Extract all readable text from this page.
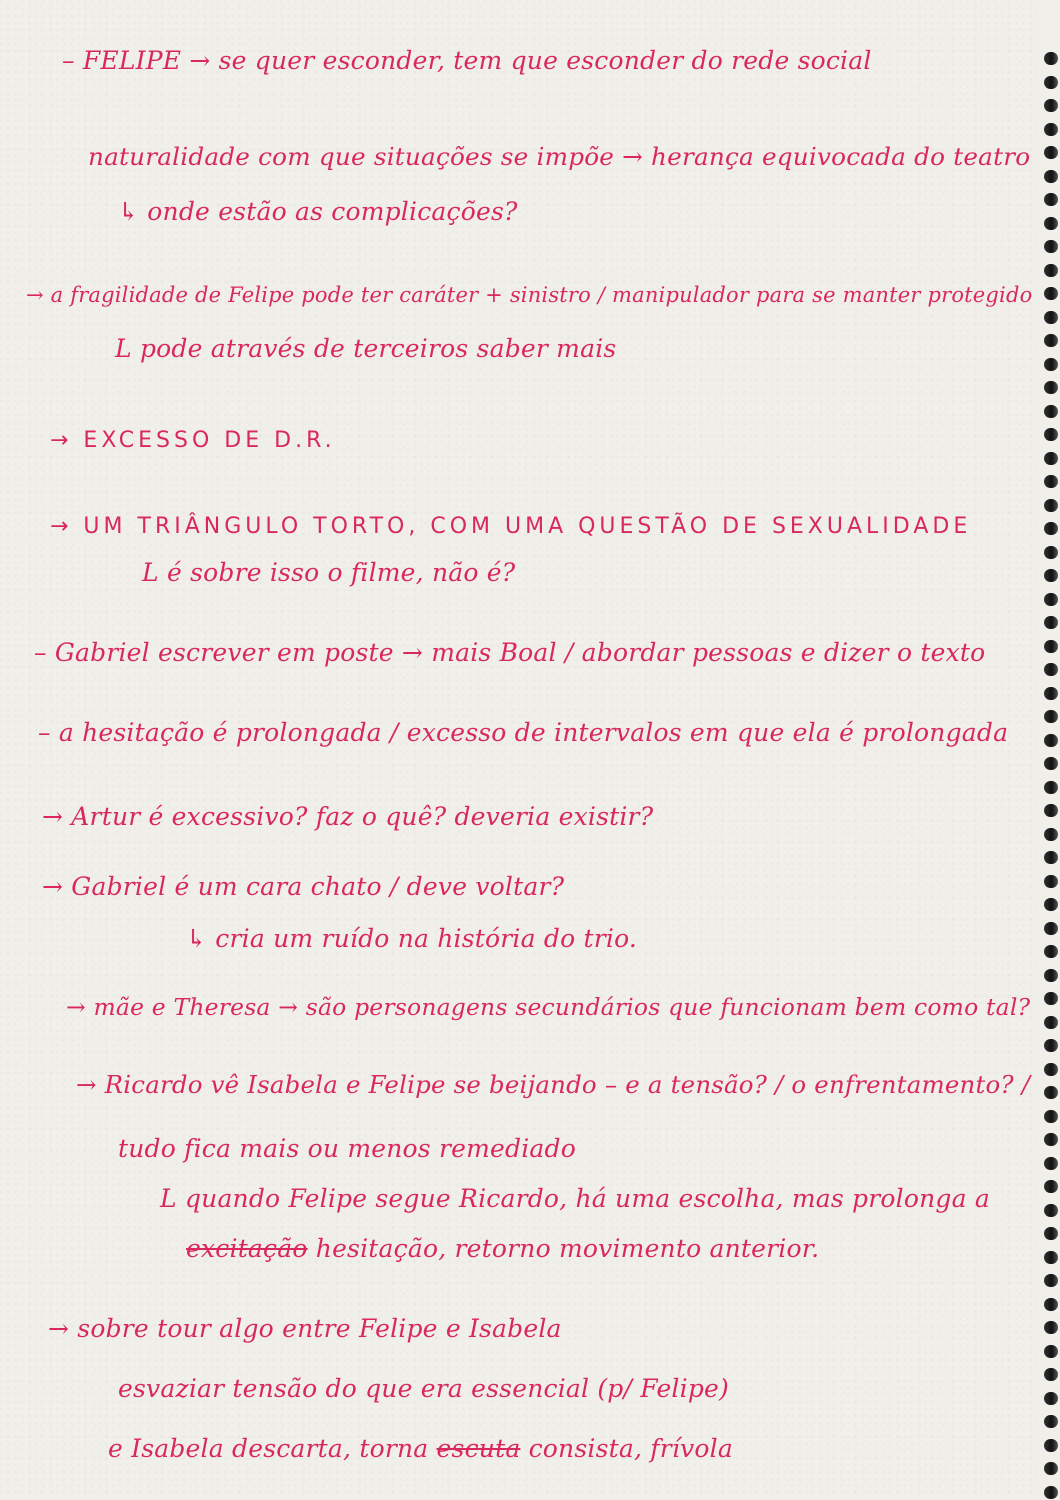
– FELIPE → se quer esconder, tem que esconder do rede social

naturalidade com que situações se impõe → herança equivocada do teatro

↳ onde estão as complicações?

→ a fragilidade de Felipe pode ter caráter + sinistro / manipulador para se manter protegido

L pode através de terceiros saber mais

→ EXCESSO DE D.R.

→ UM TRIÂNGULO TORTO, COM UMA QUESTÃO DE SEXUALIDADE

L é sobre isso o filme, não é?

– Gabriel escrever em poste → mais Boal / abordar pessoas e dizer o texto

– a hesitação é prolongada / excesso de intervalos em que ela é prolongada

→ Artur é excessivo? faz o quê? deveria existir?

→ Gabriel é um cara chato / deve voltar?

↳ cria um ruído na história do trio.

→ mãe e Theresa → são personagens secundários que funcionam bem como tal?

→ Ricardo vê Isabela e Felipe se beijando – e a tensão? / o enfrentamento? /

tudo fica mais ou menos remediado

L quando Felipe segue Ricardo, há uma escolha, mas prolonga a

excitação hesitação, retorno movimento anterior.

→ sobre tour algo entre Felipe e Isabela

esvaziar tensão do que era essencial (p/ Felipe)

e Isabela descarta, torna escuta consista, frívola
